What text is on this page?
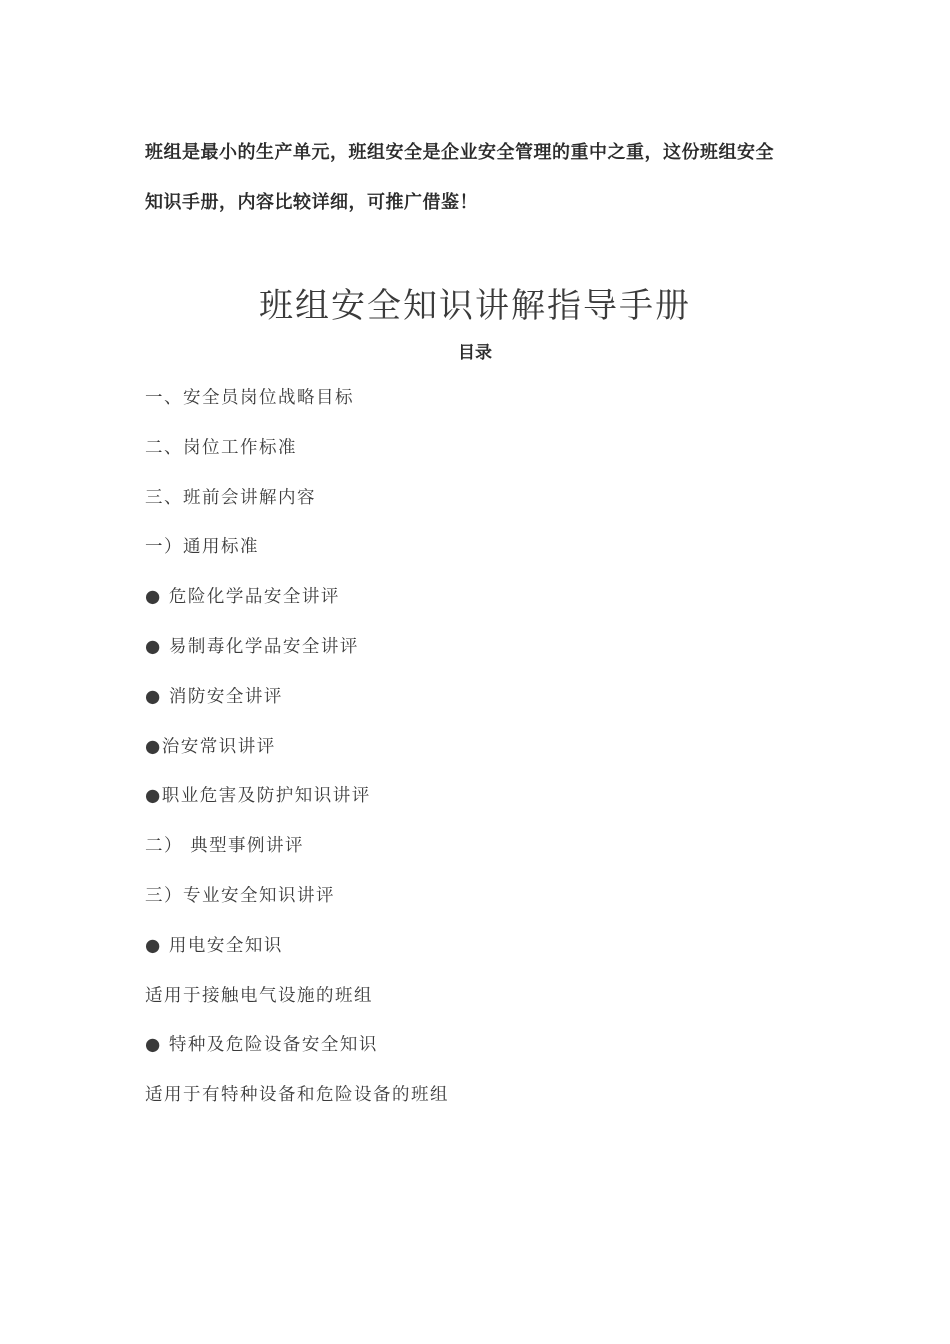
班组是最小的生产单元，班组安全是企业安全管理的重中之重，这份班组安全
知识手册，内容比较详细，可推广借鉴！
班组安全知识讲解指导手册
目录
一、安全员岗位战略目标
二、岗位工作标准
三、班前会讲解内容
一）通用标准
● 危险化学品安全讲评
● 易制毒化学品安全讲评
● 消防安全讲评
●治安常识讲评
●职业危害及防护知识讲评
二） 典型事例讲评
三）专业安全知识讲评
● 用电安全知识
适用于接触电气设施的班组
● 特种及危险设备安全知识
适用于有特种设备和危险设备的班组
